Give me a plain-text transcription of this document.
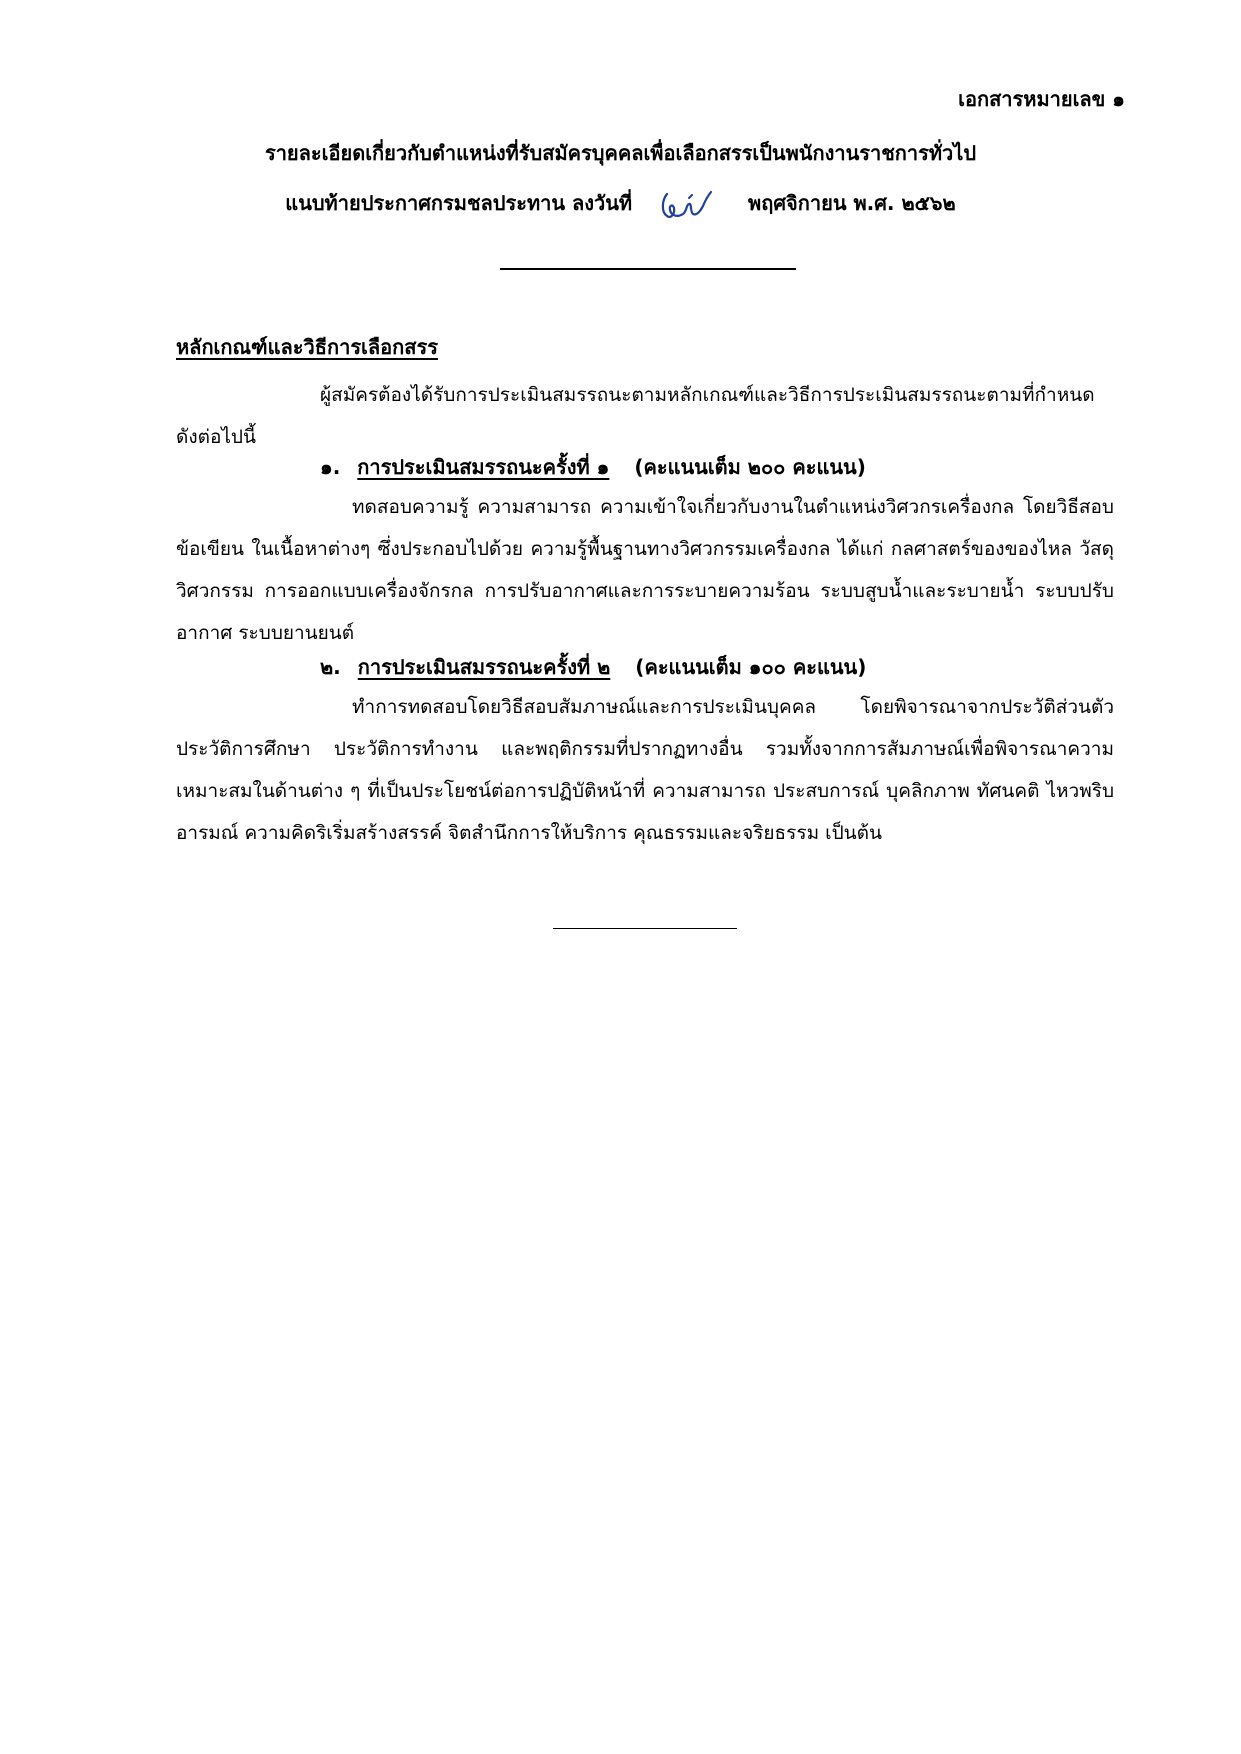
เอกสารหมายเลข ๑
รายละเอียดเกี่ยวกับตำแหน่งที่รับสมัครบุคคลเพื่อเลือกสรรเป็นพนักงานราชการทั่วไป
แนบท้ายประกาศกรมชลประทาน ลงวันที่	พฤศจิกายน พ.ศ. ๒๕๖๒
หลักเกณฑ์และวิธีการเลือกสรร
ผู้สมัครต้องได้รับการประเมินสมรรถนะตามหลักเกณฑ์และวิธีการประเมินสมรรถนะตามที่กำหนดดังต่อไปนี้
๑. การประเมินสมรรถนะครั้งที่ ๑ (คะแนนเต็ม ๒๐๐ คะแนน)
ทดสอบความรู้ ความสามารถ ความเข้าใจเกี่ยวกับงานในตำแหน่งวิศวกรเครื่องกล โดยวิธีสอบข้อเขียน ในเนื้อหาต่างๆ ซึ่งประกอบไปด้วย ความรู้พื้นฐานทางวิศวกรรมเครื่องกล ได้แก่ กลศาสตร์ของของไหล วัสดุวิศวกรรม การออกแบบเครื่องจักรกล การปรับอากาศและการระบายความร้อน ระบบสูบน้ำและระบายน้ำ ระบบปรับอากาศ ระบบยานยนต์
๒. การประเมินสมรรถนะครั้งที่ ๒ (คะแนนเต็ม ๑๐๐ คะแนน)
ทำการทดสอบโดยวิธีสอบสัมภาษณ์และการประเมินบุคคล โดยพิจารณาจากประวัติส่วนตัว ประวัติการศึกษา ประวัติการทำงาน และพฤติกรรมที่ปรากฏทางอื่น รวมทั้งจากการสัมภาษณ์เพื่อพิจารณาความเหมาะสมในด้านต่าง ๆ ที่เป็นประโยชน์ต่อการปฏิบัติหน้าที่ ความสามารถ ประสบการณ์ บุคลิกภาพ ทัศนคติ ไหวพริบ อารมณ์ ความคิดริเริ่มสร้างสรรค์ จิตสำนึกการให้บริการ คุณธรรมและจริยธรรม เป็นต้น
